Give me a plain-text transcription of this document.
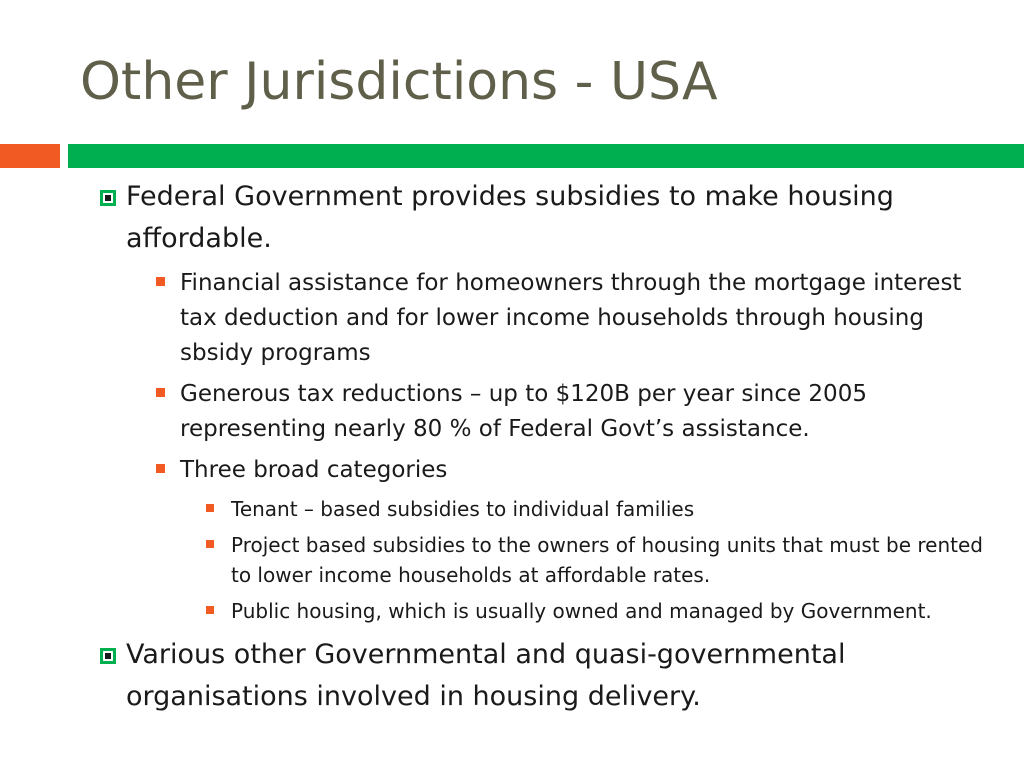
Other Jurisdictions - USA
Federal Government provides subsidies to make housing affordable.
Financial assistance for homeowners through the mortgage interest tax deduction and for lower income households through housing sbsidy programs
Generous tax reductions – up to $120B per year since 2005 representing nearly 80 % of Federal Govt’s assistance.
Three broad categories
Tenant – based subsidies to individual families
Project based subsidies to the owners of housing units that must be rented to lower income households at affordable rates.
Public housing, which is usually owned and managed by Government.
Various other Governmental and quasi-governmental organisations involved in housing delivery.
